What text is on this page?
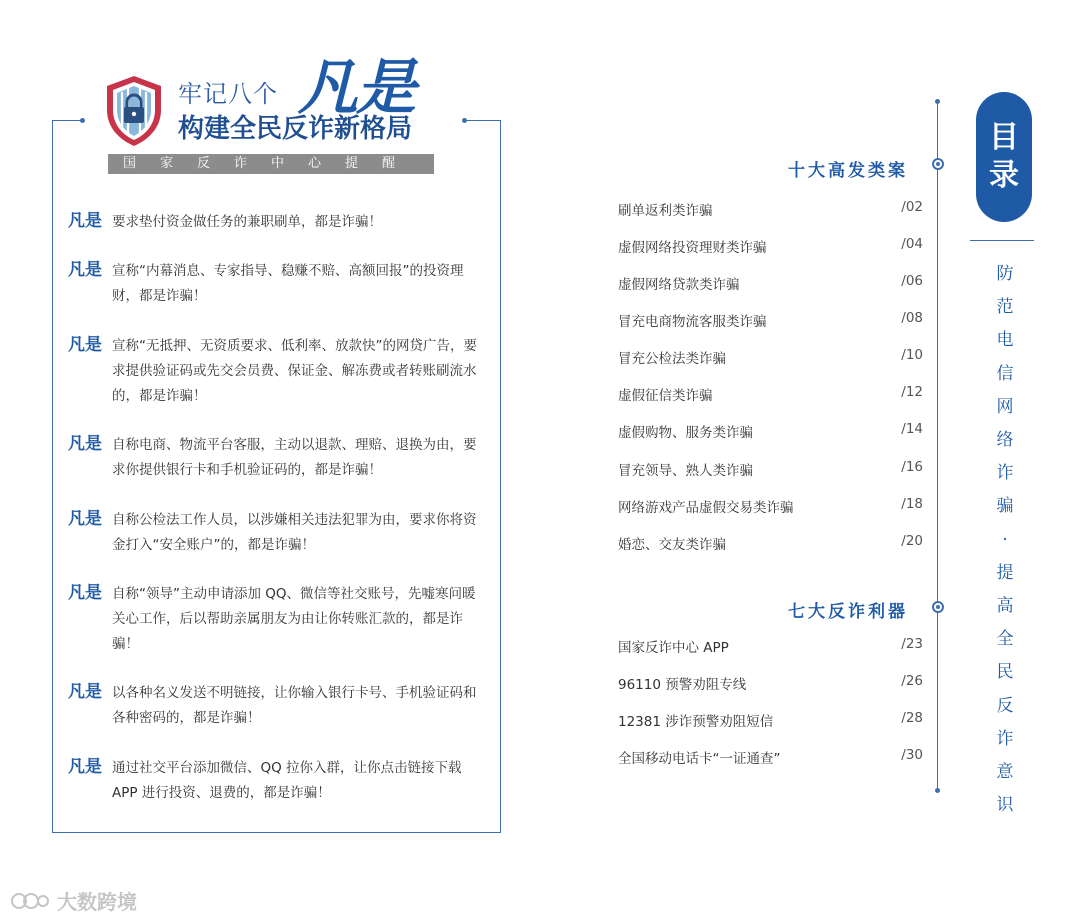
牢记八个 凡是
构建全民反诈新格局
国家反诈中心提醒
凡是 要求垫付资金做任务的兼职刷单，都是诈骗！
凡是 宣称“内幕消息、专家指导、稳赚不赔、高额回报”的投资理财，都是诈骗！
凡是 宣称“无抵押、无资质要求、低利率、放款快”的网贷广告，要求提供验证码或先交会员费、保证金、解冻费或者转账刷流水的，都是诈骗！
凡是 自称电商、物流平台客服，主动以退款、理赔、退换为由，要求你提供银行卡和手机验证码的，都是诈骗！
凡是 自称公检法工作人员，以涉嫌相关违法犯罪为由，要求你将资金打入“安全账户”的，都是诈骗！
凡是 自称“领导”主动申请添加 QQ、微信等社交账号，先嘘寒问暖关心工作，后以帮助亲属朋友为由让你转账汇款的，都是诈骗！
凡是 以各种名义发送不明链接，让你输入银行卡号、手机验证码和各种密码的，都是诈骗！
凡是 通过社交平台添加微信、QQ 拉你入群，让你点击链接下载 APP 进行投资、退费的，都是诈骗！
十大高发类案
刷单返利类诈骗	/02
虚假网络投资理财类诈骗	/04
虚假网络贷款类诈骗	/06
冒充电商物流客服类诈骗	/08
冒充公检法类诈骗	/10
虚假征信类诈骗	/12
虚假购物、服务类诈骗	/14
冒充领导、熟人类诈骗	/16
网络游戏产品虚假交易类诈骗	/18
婚恋、交友类诈骗	/20
七大反诈利器
国家反诈中心 APP	/23
96110 预警劝阻专线	/26
12381 涉诈预警劝阻短信	/28
全国移动电话卡“一证通查”	/30
目
录
防范电信网络诈骗·提高全民反诈意识
大数跨境
